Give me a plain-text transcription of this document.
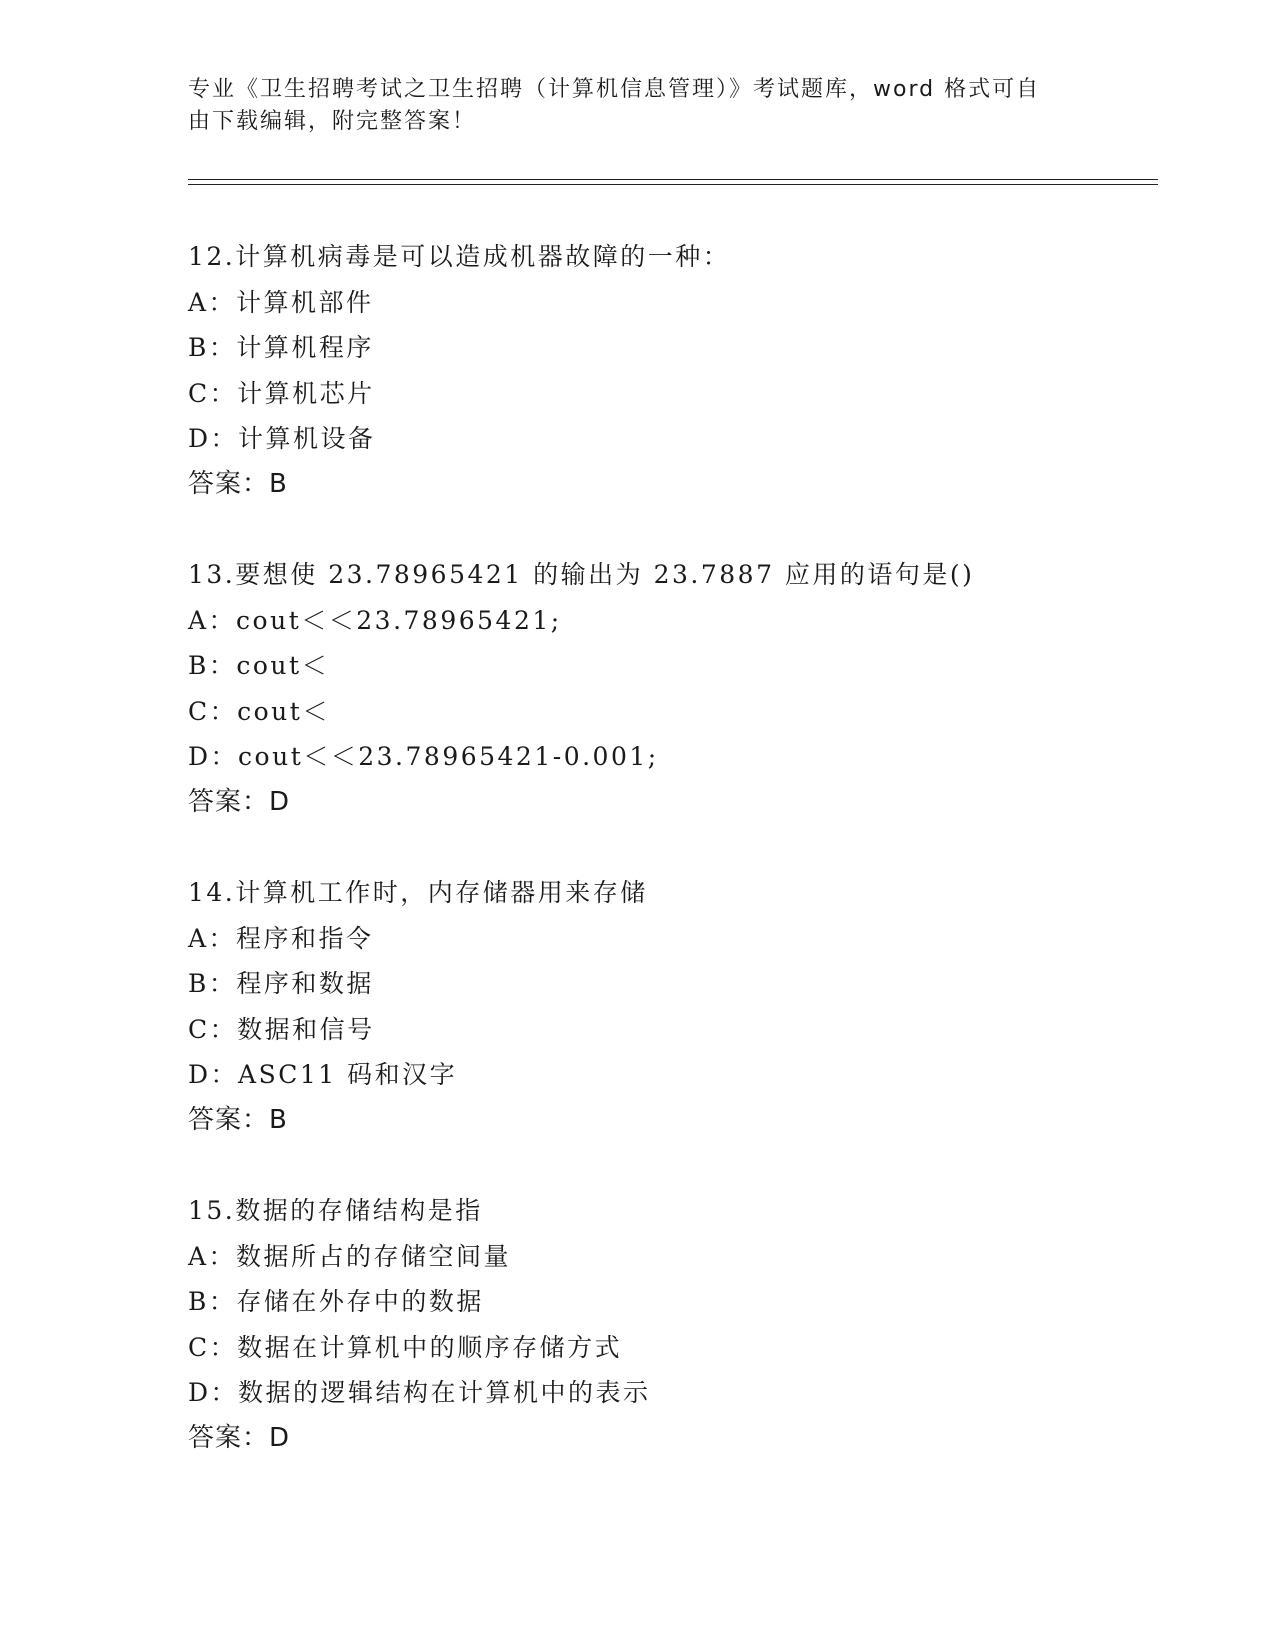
专业《卫生招聘考试之卫生招聘（计算机信息管理）》考试题库，word 格式可自
由下载编辑，附完整答案！
12.计算机病毒是可以造成机器故障的一种：
A：计算机部件
B：计算机程序
C：计算机芯片
D：计算机设备
答案：B
13.要想使 23.78965421 的输出为 23.7887 应用的语句是()
A：cout＜＜23.78965421;
B：cout＜
C：cout＜
D：cout＜＜23.78965421-0.001;
答案：D
14.计算机工作时，内存储器用来存储
A：程序和指令
B：程序和数据
C：数据和信号
D：ASC11 码和汉字
答案：B
15.数据的存储结构是指
A：数据所占的存储空间量
B：存储在外存中的数据
C：数据在计算机中的顺序存储方式
D：数据的逻辑结构在计算机中的表示
答案：D
